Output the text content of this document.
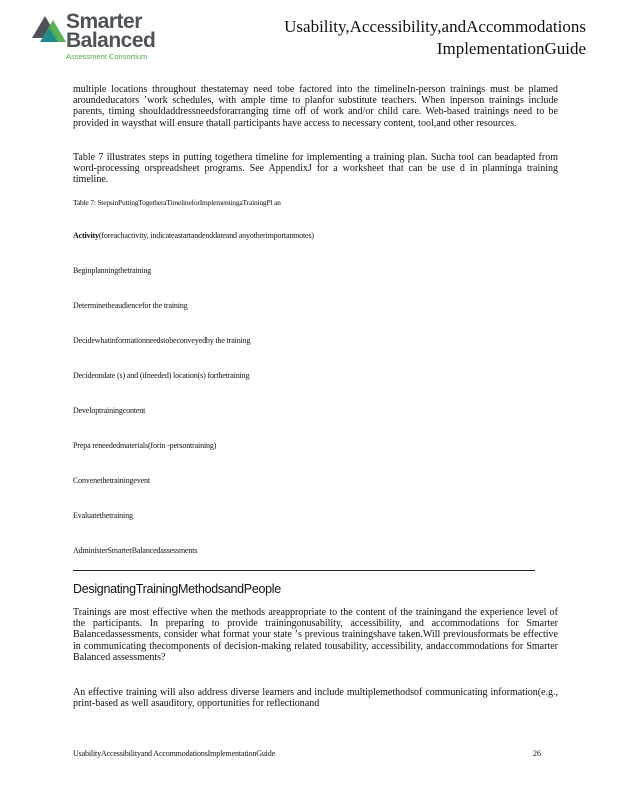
Smarter
Balanced
Assessment Consortium
Usability,Accessibility,andAccommodations
ImplementationGuide

multiple locations throughout thestatemay need tobe factored into the timelineIn-person trainings must be plamed aroundeducators ʼwork schedules, with ample time to planfor substitute teachers. When inperson trainings include parents, timing shouldaddressneedsforarranging time off of work and/or child care. Web-based trainings need to be provided in waysthat will ensure thatall participants have access to necessary content, tool,and other resources.

Table 7 illustrates steps in putting togethera timeline for implementing a training plan. Sucha tool can beadapted from word-processing orspreadsheet programs. See AppendixJ for a worksheet that can be use d in planninga training timeline.

Table 7: StepsinPuttingTogetheraTimelineforImplementingaTrainingPl an
Activity(foreachactivity, indicateastartandenddateand anyotherimportantnotes)
Beginplanningthetraining
Determinetheaudiencefor the training
Decidewhatinformationneedstobeconveyedby the training
Decideondate (s) and (ifneeded) location(s) forthetraining
Developtrainingcontent
Prepa reneededmaterials(forin -persontraining)
Convenethetrainingevent
Evaluatethetraining
AdministerSmarterBalancedassessments
DesignatingTrainingMethodsandPeople

Trainings are most effective when the methods areappropriate to the content of the trainingand the experience level of the participants. In preparing to provide trainingonusability, accessibility, and accommodations for Smarter Balancedassessments, consider what format your state ʼs previous trainingshave taken.Will previousformats be effective in communicating thecomponents of decision-making related tousability, accessibility, andaccommodations for Smarter Balanced assessments?

An effective training will also address diverse learners and include multiplemethodsof communicating information(e.g., print-based as well asauditory, opportunities for reflectionand

UsabilityAccessibilityand AccommodationsImplementationGuide	26
